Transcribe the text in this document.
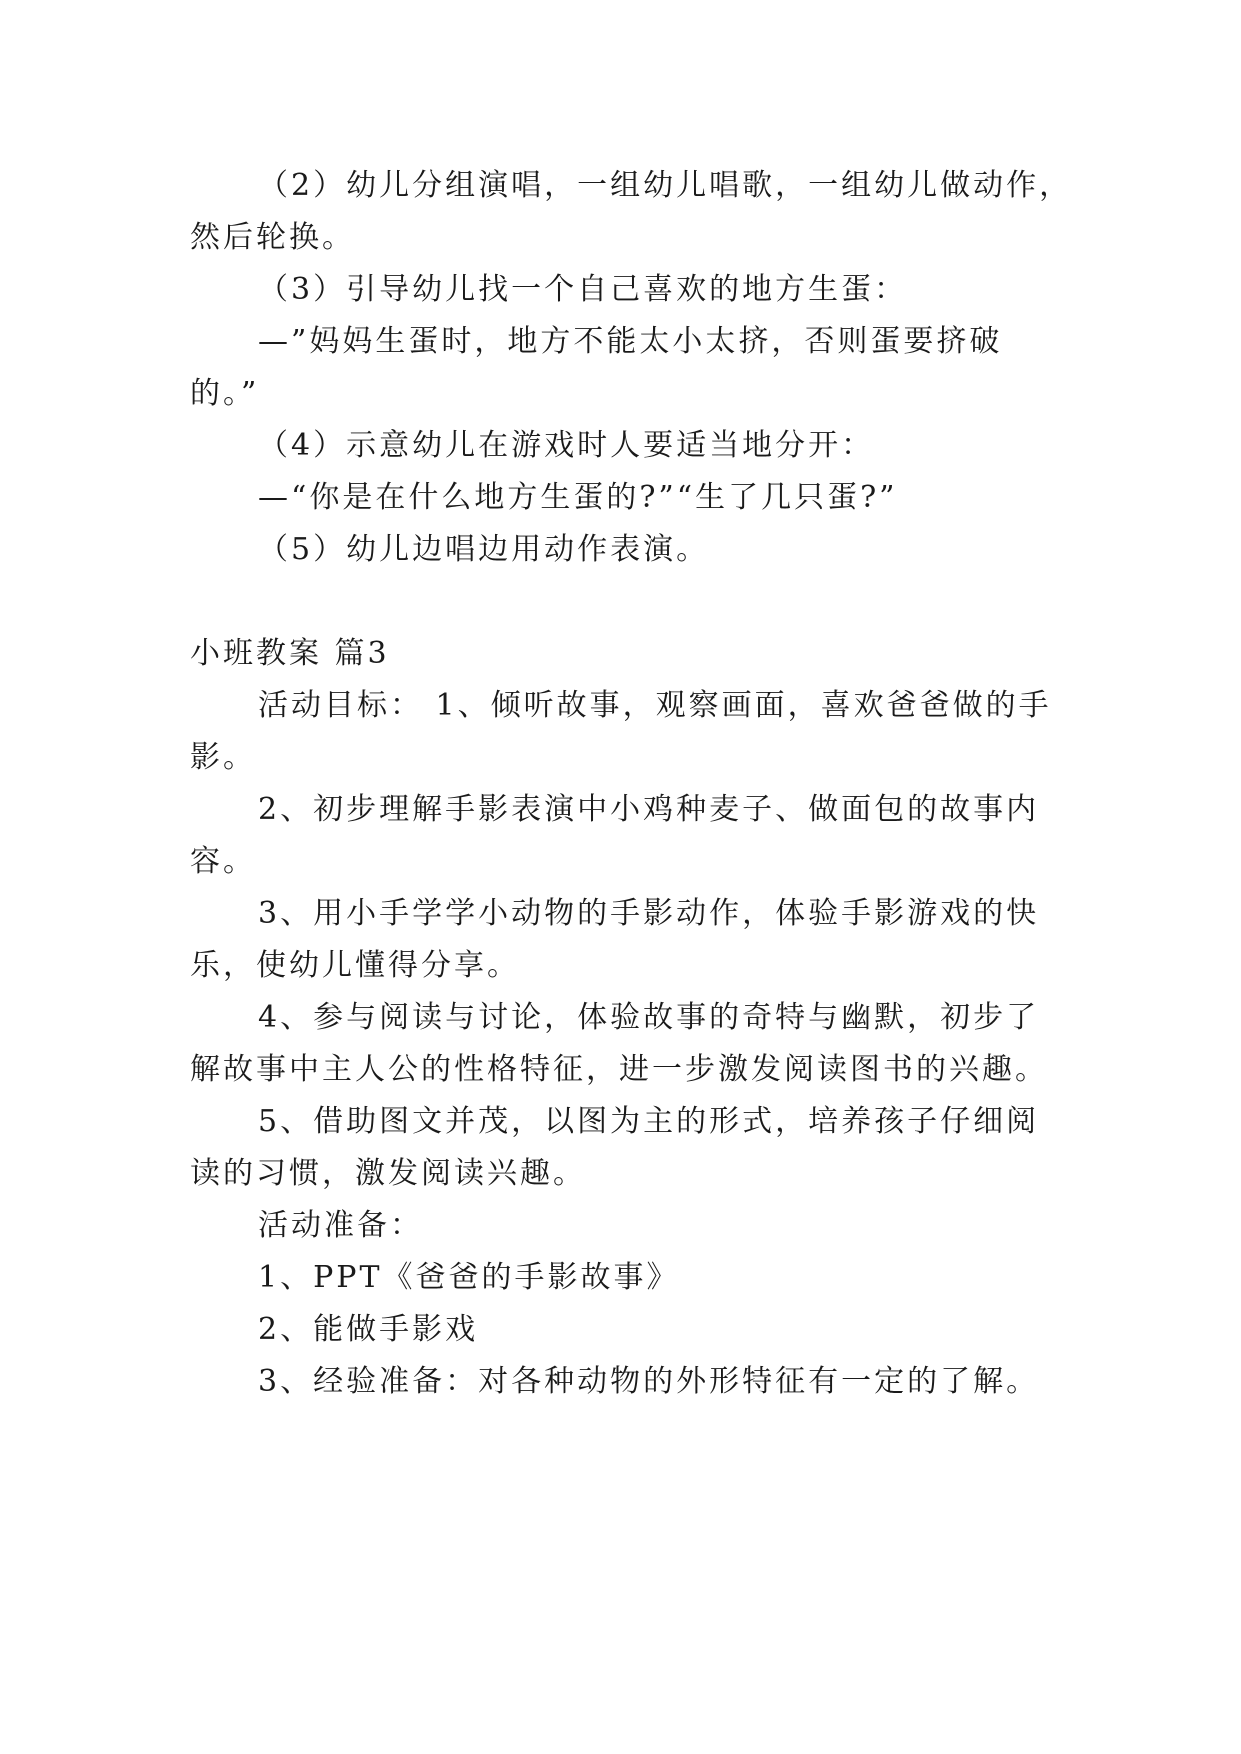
（2）幼儿分组演唱，一组幼儿唱歌，一组幼儿做动作，
然后轮换。
（3）引导幼儿找一个自己喜欢的地方生蛋：
—”妈妈生蛋时，地方不能太小太挤，否则蛋要挤破
的。”
（4）示意幼儿在游戏时人要适当地分开：
—“你是在什么地方生蛋的?”“生了几只蛋?”
（5）幼儿边唱边用动作表演。
小班教案 篇3
活动目标： 1、倾听故事，观察画面，喜欢爸爸做的手
影。
2、初步理解手影表演中小鸡种麦子、做面包的故事内
容。
3、用小手学学小动物的手影动作，体验手影游戏的快
乐，使幼儿懂得分享。
4、参与阅读与讨论，体验故事的奇特与幽默，初步了
解故事中主人公的性格特征，进一步激发阅读图书的兴趣。
5、借助图文并茂，以图为主的形式，培养孩子仔细阅
读的习惯，激发阅读兴趣。
活动准备：
1、PPT《爸爸的手影故事》
2、能做手影戏
3、经验准备：对各种动物的外形特征有一定的了解。
